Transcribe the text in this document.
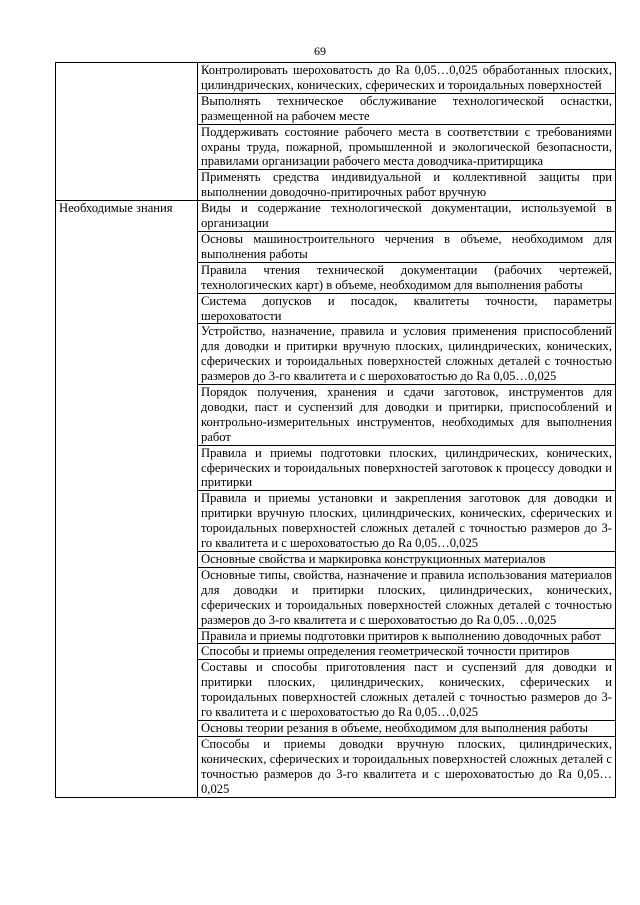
69
	Контролировать шероховатость до Ra 0,05…0,025 обработанных плоских, цилиндрических, конических, сферических и тороидальных поверхностей
	Выполнять техническое обслуживание технологической оснастки, размещенной на рабочем месте
	Поддерживать состояние рабочего места в соответствии с требованиями охраны труда, пожарной, промышленной и экологической безопасности, правилами организации рабочего места доводчика-притирщика
	Применять средства индивидуальной и коллективной защиты при выполнении доводочно-притирочных работ вручную
Необходимые знания	Виды и содержание технологической документации, используемой в организации
	Основы машиностроительного черчения в объеме, необходимом для выполнения работы
	Правила чтения технической документации (рабочих чертежей, технологических карт) в объеме, необходимом для выполнения работы
	Система допусков и посадок, квалитеты точности, параметры шероховатости
	Устройство, назначение, правила и условия применения приспособлений для доводки и притирки вручную плоских, цилиндрических, конических, сферических и тороидальных поверхностей сложных деталей с точностью размеров до 3-го квалитета и с шероховатостью до Ra 0,05…0,025
	Порядок получения, хранения и сдачи заготовок, инструментов для доводки, паст и суспензий для доводки и притирки, приспособлений и контрольно-измерительных инструментов, необходимых для выполнения работ
	Правила и приемы подготовки плоских, цилиндрических, конических, сферических и тороидальных поверхностей заготовок к процессу доводки и притирки
	Правила и приемы установки и закрепления заготовок для доводки и притирки вручную плоских, цилиндрических, конических, сферических и тороидальных поверхностей сложных деталей с точностью размеров до 3-го квалитета и с шероховатостью до Ra 0,05…0,025
	Основные свойства и маркировка конструкционных материалов
	Основные типы, свойства, назначение и правила использования материалов для доводки и притирки плоских, цилиндрических, конических, сферических и тороидальных поверхностей сложных деталей с точностью размеров до 3-го квалитета и с шероховатостью до Ra 0,05…0,025
	Правила и приемы подготовки притиров к выполнению доводочных работ
	Способы и приемы определения геометрической точности притиров
	Составы и способы приготовления паст и суспензий для доводки и притирки плоских, цилиндрических, конических, сферических и тороидальных поверхностей сложных деталей с точностью размеров до 3-го квалитета и с шероховатостью до Ra 0,05…0,025
	Основы теории резания в объеме, необходимом для выполнения работы
	Способы и приемы доводки вручную плоских, цилиндрических, конических, сферических и тороидальных поверхностей сложных деталей с точностью размеров до 3-го квалитета и с шероховатостью до Ra 0,05…0,025
